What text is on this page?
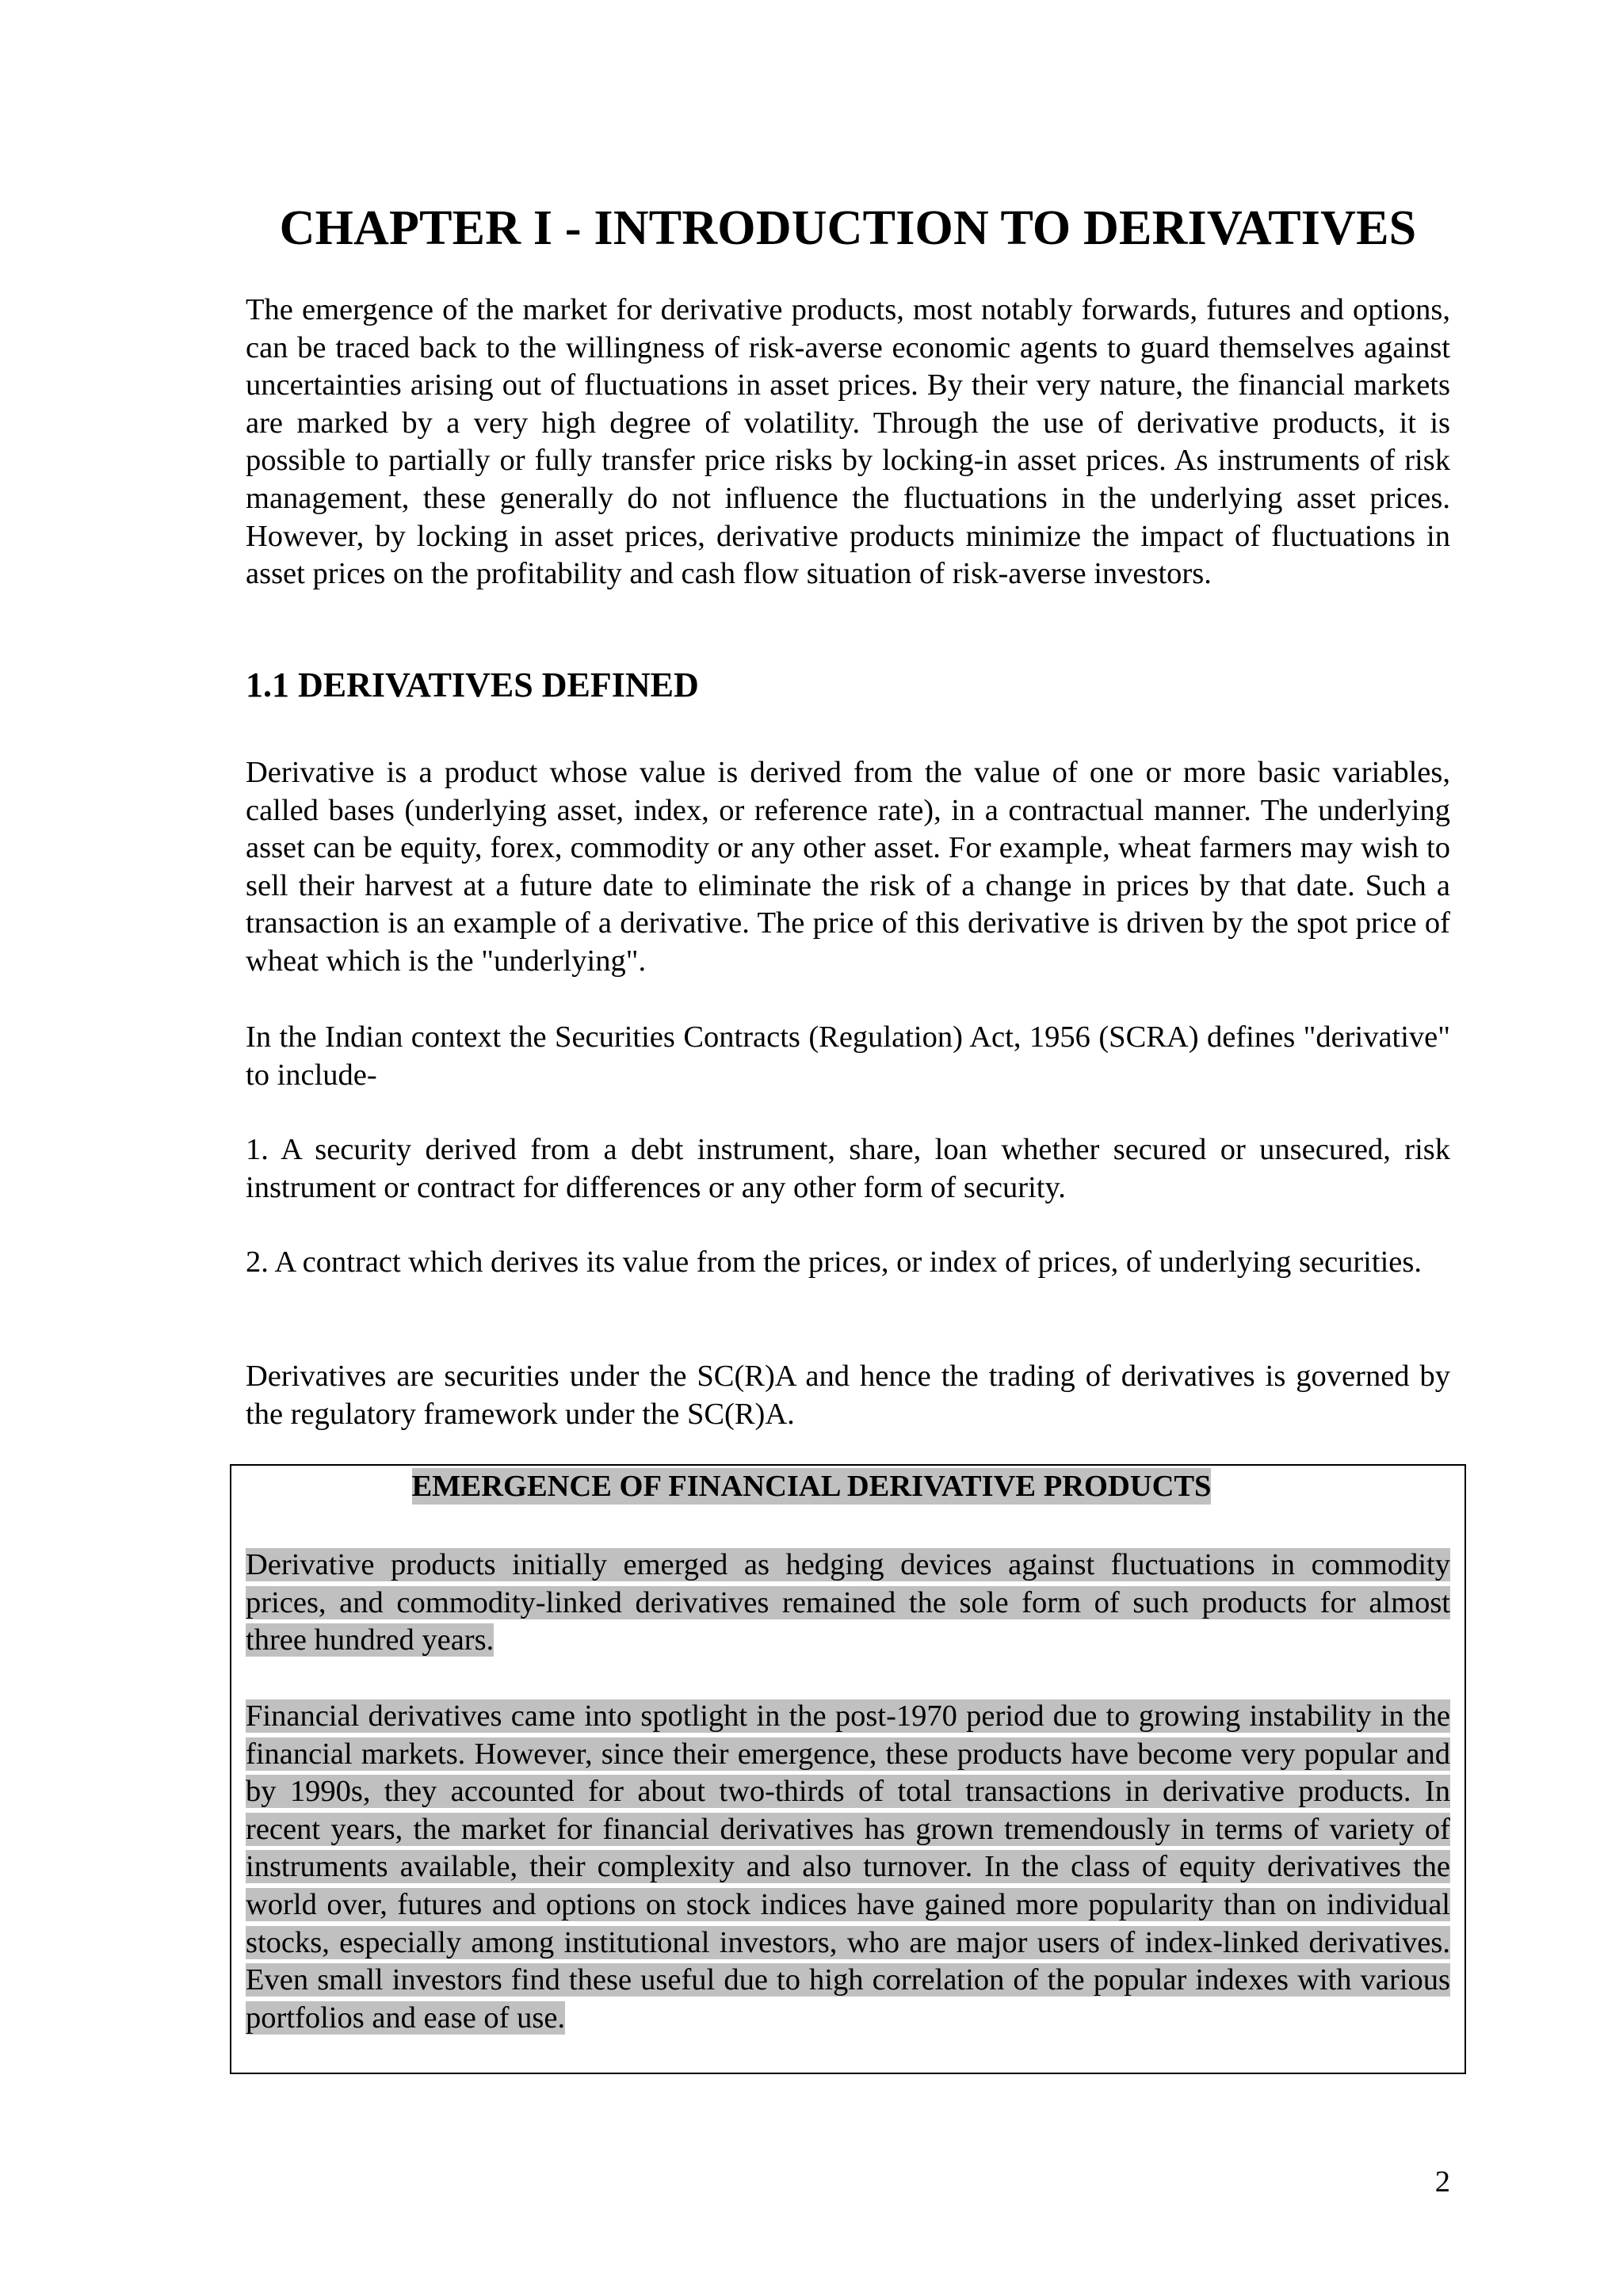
CHAPTER I - INTRODUCTION TO DERIVATIVES

The emergence of the market for derivative products, most notably forwards, futures and options, can be traced back to the willingness of risk-averse economic agents to guard themselves against uncertainties arising out of fluctuations in asset prices. By their very nature, the financial markets are marked by a very high degree of volatility. Through the use of derivative products, it is possible to partially or fully transfer price risks by locking-in asset prices. As instruments of risk management, these generally do not influence the fluctuations in the underlying asset prices. However, by locking in asset prices, derivative products minimize the impact of fluctuations in asset prices on the profitability and cash flow situation of risk-averse investors.

1.1 DERIVATIVES DEFINED

Derivative is a product whose value is derived from the value of one or more basic variables, called bases (underlying asset, index, or reference rate), in a contractual manner. The underlying asset can be equity, forex, commodity or any other asset. For example, wheat farmers may wish to sell their harvest at a future date to eliminate the risk of a change in prices by that date. Such a transaction is an example of a derivative. The price of this derivative is driven by the spot price of wheat which is the "underlying".

In the Indian context the Securities Contracts (Regulation) Act, 1956 (SCRA) defines "derivative" to include-

1. A security derived from a debt instrument, share, loan whether secured or unsecured, risk instrument or contract for differences or any other form of security.

2. A contract which derives its value from the prices, or index of prices, of underlying securities.

Derivatives are securities under the SC(R)A and hence the trading of derivatives is governed by the regulatory framework under the SC(R)A.

EMERGENCE OF FINANCIAL DERIVATIVE PRODUCTS

Derivative products initially emerged as hedging devices against fluctuations in commodity prices, and commodity-linked derivatives remained the sole form of such products for almost three hundred years.

Financial derivatives came into spotlight in the post-1970 period due to growing instability in the financial markets. However, since their emergence, these products have become very popular and by 1990s, they accounted for about two-thirds of total transactions in derivative products. In recent years, the market for financial derivatives has grown tremendously in terms of variety of instruments available, their complexity and also turnover. In the class of equity derivatives the world over, futures and options on stock indices have gained more popularity than on individual stocks, especially among institutional investors, who are major users of index-linked derivatives. Even small investors find these useful due to high correlation of the popular indexes with various portfolios and ease of use.

2
